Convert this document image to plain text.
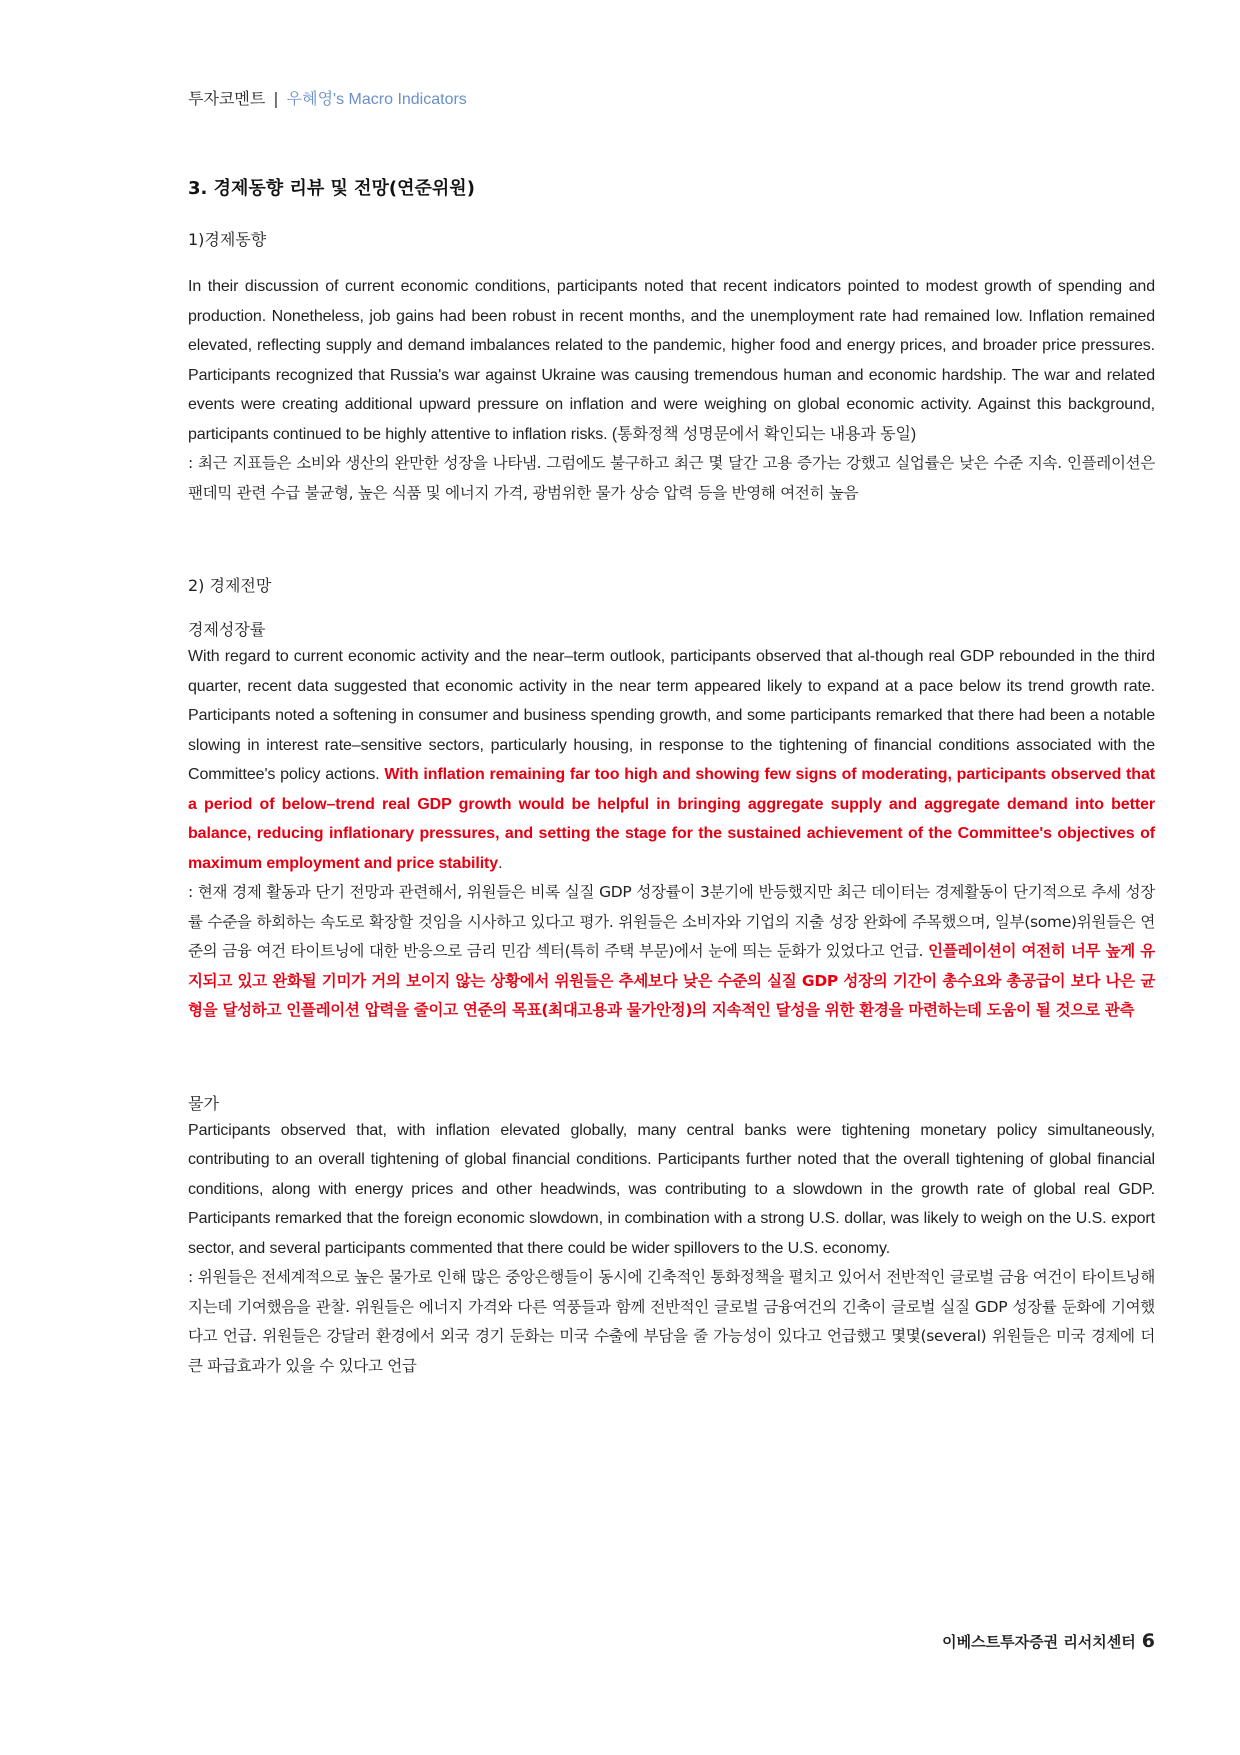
투자코멘트 | 우혜영's Macro Indicators
3. 경제동향 리뷰 및 전망(연준위원)
1)경제동향

In their discussion of current economic conditions, participants noted that recent indicators pointed to modest growth of spending and production. Nonetheless, job gains had been robust in recent months, and the unemployment rate had remained low. Inflation remained elevated, reflecting supply and demand imbalances related to the pandemic, higher food and energy prices, and broader price pressures. Participants recognized that Russia's war against Ukraine was causing tremendous human and economic hardship. The war and related events were creating additional upward pressure on inflation and were weighing on global economic activity. Against this background, participants continued to be highly attentive to inflation risks. (통화정책 성명문에서 확인되는 내용과 동일)

: 최근 지표들은 소비와 생산의 완만한 성장을 나타냄. 그럼에도 불구하고 최근 몇 달간 고용 증가는 강했고 실업률은 낮은 수준 지속. 인플레이션은 팬데믹 관련 수급 불균형, 높은 식품 및 에너지 가격, 광범위한 물가 상승 압력 등을 반영해 여전히 높음

2) 경제전망
경제성장률

With regard to current economic activity and the near–term outlook, participants observed that al-though real GDP rebounded in the third quarter, recent data suggested that economic activity in the near term appeared likely to expand at a pace below its trend growth rate. Participants noted a softening in consumer and business spending growth, and some participants remarked that there had been a notable slowing in interest rate–sensitive sectors, particularly housing, in response to the tightening of financial conditions associated with the Committee's policy actions. With inflation remaining far too high and showing few signs of moderating, participants observed that a period of below–trend real GDP growth would be helpful in bringing aggregate supply and aggregate demand into better balance, reducing inflationary pressures, and setting the stage for the sustained achievement of the Committee's objectives of maximum employment and price stability.

: 현재 경제 활동과 단기 전망과 관련해서, 위원들은 비록 실질 GDP 성장률이 3분기에 반등했지만 최근 데이터는 경제활동이 단기적으로 추세 성장률 수준을 하회하는 속도로 확장할 것임을 시사하고 있다고 평가. 위원들은 소비자와 기업의 지출 성장 완화에 주목했으며, 일부(some)위원들은 연준의 금융 여건 타이트닝에 대한 반응으로 금리 민감 섹터(특히 주택 부문)에서 눈에 띄는 둔화가 있었다고 언급. 인플레이션이 여전히 너무 높게 유지되고 있고 완화될 기미가 거의 보이지 않는 상황에서 위원들은 추세보다 낮은 수준의 실질 GDP 성장의 기간이 총수요와 총공급이 보다 나은 균형을 달성하고 인플레이션 압력을 줄이고 연준의 목표(최대고용과 물가안정)의 지속적인 달성을 위한 환경을 마련하는데 도움이 될 것으로 관측

물가

Participants observed that, with inflation elevated globally, many central banks were tightening monetary policy simultaneously, contributing to an overall tightening of global financial conditions. Participants further noted that the overall tightening of global financial conditions, along with energy prices and other headwinds, was contributing to a slowdown in the growth rate of global real GDP. Participants remarked that the foreign economic slowdown, in combination with a strong U.S. dollar, was likely to weigh on the U.S. export sector, and several participants commented that there could be wider spillovers to the U.S. economy.

: 위원들은 전세계적으로 높은 물가로 인해 많은 중앙은행들이 동시에 긴축적인 통화정책을 펼치고 있어서 전반적인 글로벌 금융 여건이 타이트닝해지는데 기여했음을 관찰. 위원들은 에너지 가격와 다른 역풍들과 함께 전반적인 글로벌 금융여건의 긴축이 글로벌 실질 GDP 성장률 둔화에 기여했다고 언급. 위원들은 강달러 환경에서 외국 경기 둔화는 미국 수출에 부담을 줄 가능성이 있다고 언급했고 몇몇(several) 위원들은 미국 경제에 더 큰 파급효과가 있을 수 있다고 언급

이베스트투자증권 리서치센터 6
